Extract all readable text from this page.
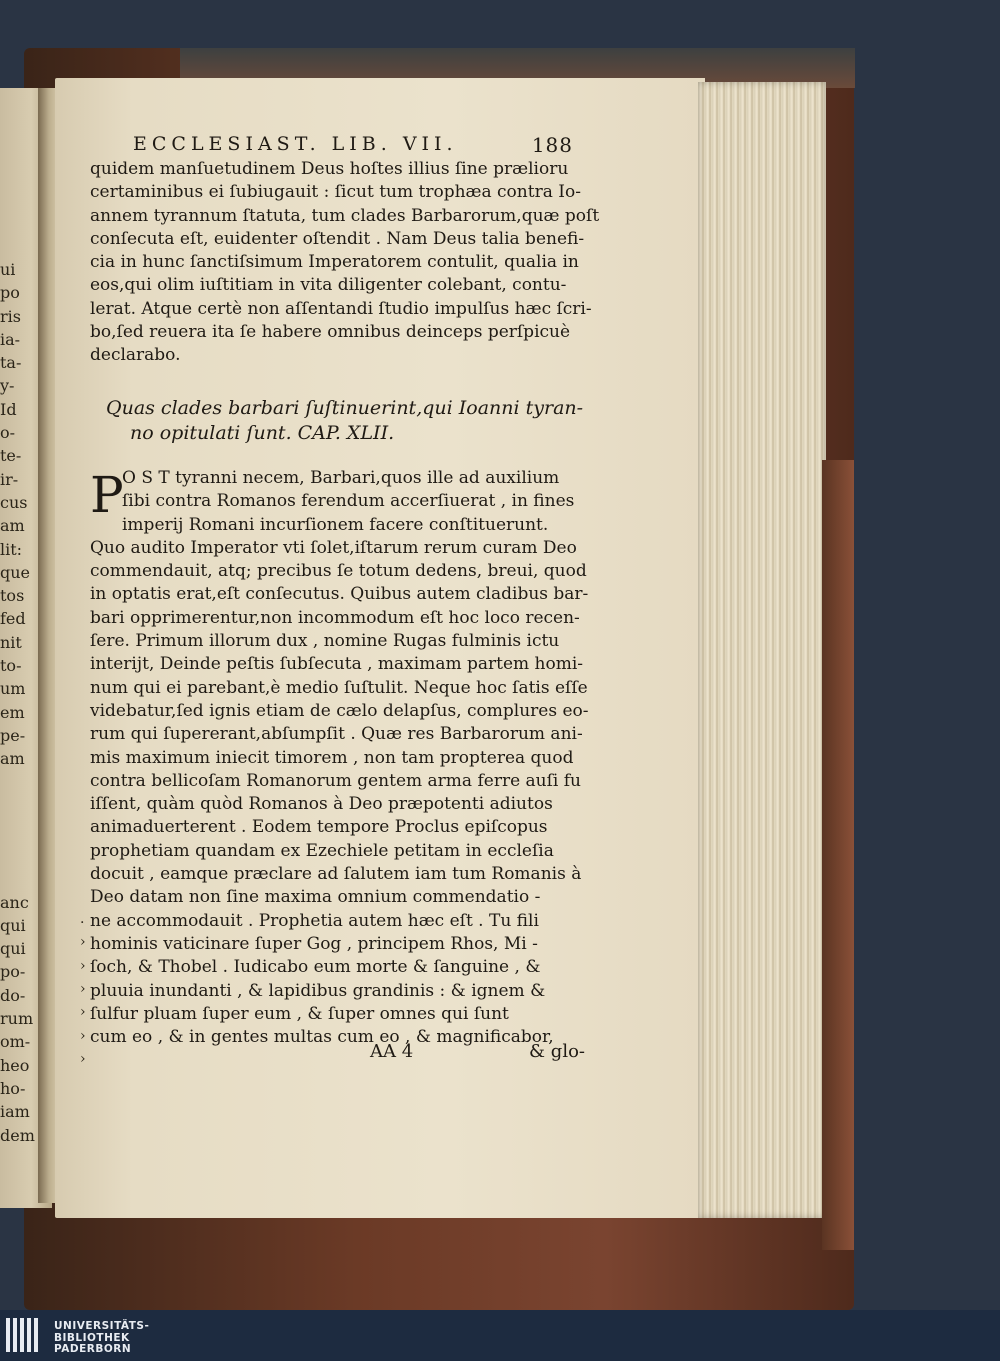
ui
po
ris
ia-
ta-
y-
Id
o-
te-
ir-
cus
am
lit:
que
tos
fed
nit
to-
um
em
pe-
am
anc
qui
qui
po-
do-
rum
om-
heo
ho-
iam
dem
ECCLESIAST. LIB. VII.	188
quidem manſuetudinem Deus hoſtes illius ſine prælioru
certaminibus ei ſubiugauit : ſicut tum trophæa contra Io-
annem tyrannum ſtatuta, tum clades Barbarorum,quæ poſt
conſecuta eſt, euidenter oſtendit . Nam Deus talia benefi-
cia in hunc ſanctiſsimum Imperatorem contulit, qualia in
eos,qui olim iuſtitiam in vita diligenter colebant, contu-
lerat. Atque certè non aſſentandi ſtudio impulſus hæc ſcri-
bo,ſed reuera ita ſe habere omnibus deinceps perſpicuè
declarabo.
Quas clades barbari ſuſtinuerint,qui Ioanni tyran-
no opitulati ſunt. CAP. XLII.
P
O S T tyranni necem, Barbari,quos ille ad auxilium
ſibi contra Romanos ferendum accerſiuerat , in fines
imperij Romani incurſionem facere conſtituerunt.
Quo audito Imperator vti ſolet,iſtarum rerum curam Deo
commendauit, atq; precibus ſe totum dedens, breui, quod
in optatis erat,eſt conſecutus. Quibus autem cladibus bar-
bari opprimerentur,non incommodum eſt hoc loco recen-
ſere. Primum illorum dux , nomine Rugas fulminis ictu
interijt, Deinde peſtis ſubſecuta , maximam partem homi-
num qui ei parebant,è medio ſuſtulit. Neque hoc ſatis eſſe
videbatur,ſed ignis etiam de cælo delapſus, complures eo-
rum qui ſupererant,abſumpſit . Quæ res Barbarorum ani-
mis maximum iniecit timorem , non tam propterea quod
contra bellicoſam Romanorum gentem arma ferre auſi fu
iſſent, quàm quòd Romanos à Deo præpotenti adiutos
animaduerterent . Eodem tempore Proclus epiſcopus
prophetiam quandam ex Ezechiele petitam in eccleſia
docuit , eamque præclare ad ſalutem iam tum Romanis à
Deo datam non ſine maxima omnium commendatio -
ne accommodauit . Prophetia autem hæc eſt . Tu fili
hominis vaticinare ſuper Gog , principem Rhos, Mi -
ſoch, & Thobel . Iudicabo eum morte & ſanguine , &
pluuia inundanti , & lapidibus grandinis : & ignem &
ſulfur pluam ſuper eum , & ſuper omnes qui ſunt
cum eo , & in gentes multas cum eo , & magnificabor,
AA 4	& glo-
.
›
›
›
›
›
›
UNIVERSITÄTS-
BIBLIOTHEK
PADERBORN
